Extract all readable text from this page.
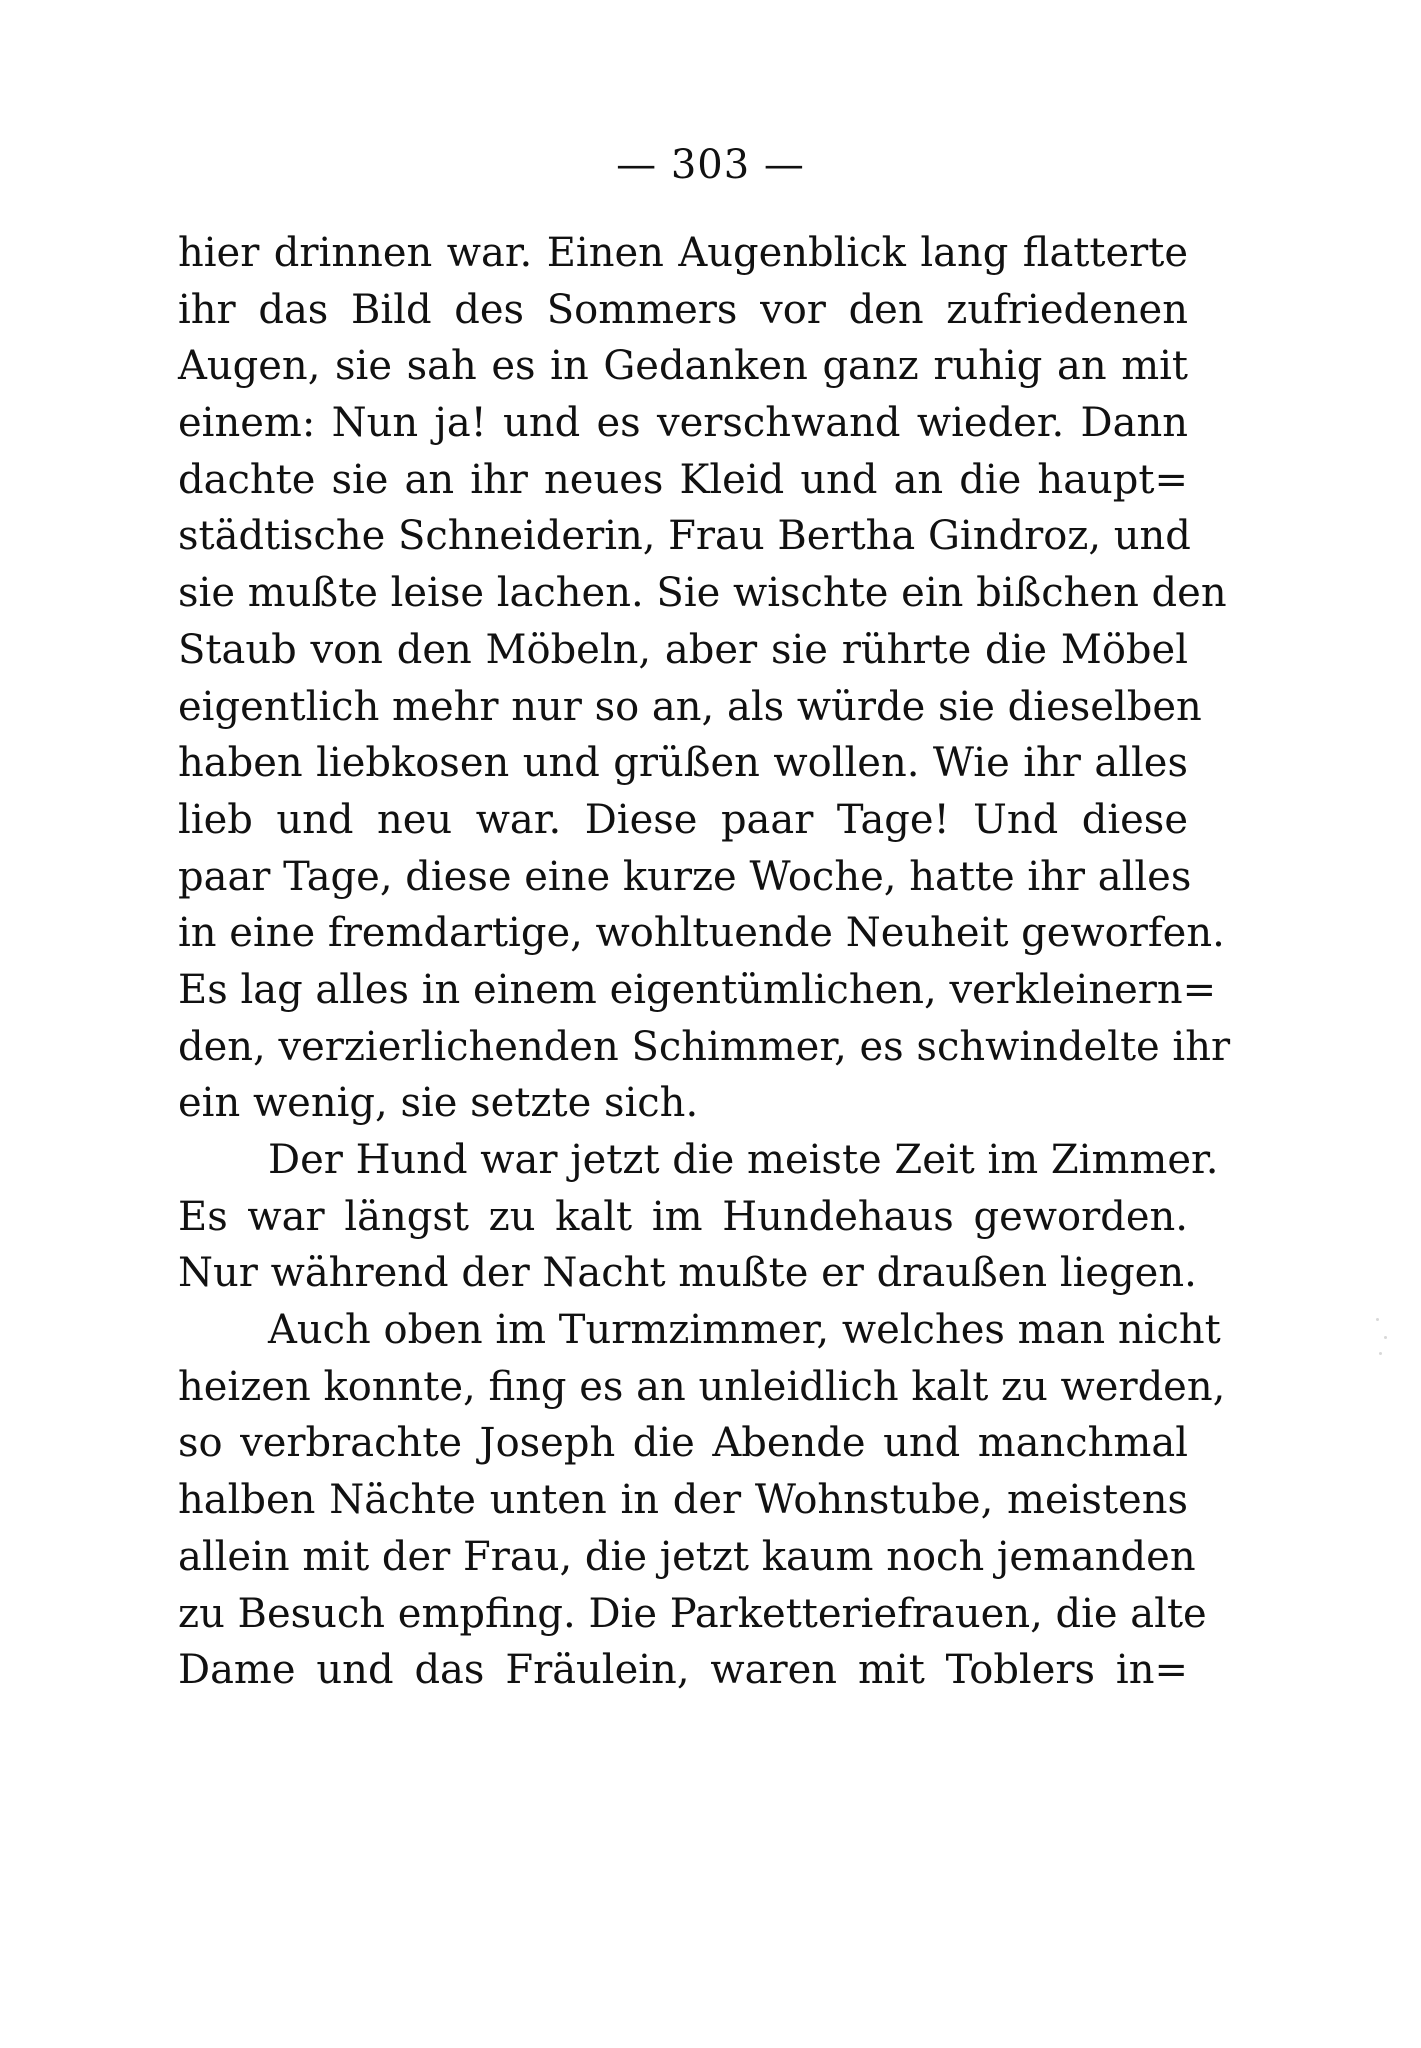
— 303 —
hier drinnen war. Einen Augenblick lang flatterte
ihr das Bild des Sommers vor den zufriedenen
Augen, sie sah es in Gedanken ganz ruhig an mit
einem: Nun ja! und es verschwand wieder. Dann
dachte sie an ihr neues Kleid und an die haupt=
städtische Schneiderin, Frau Bertha Gindroz, und
sie mußte leise lachen. Sie wischte ein bißchen den
Staub von den Möbeln, aber sie rührte die Möbel
eigentlich mehr nur so an, als würde sie dieselben
haben liebkosen und grüßen wollen. Wie ihr alles
lieb und neu war. Diese paar Tage! Und diese
paar Tage, diese eine kurze Woche, hatte ihr alles
in eine fremdartige, wohltuende Neuheit geworfen.
Es lag alles in einem eigentümlichen, verkleinern=
den, verzierlichenden Schimmer, es schwindelte ihr
ein wenig, sie setzte sich.
Der Hund war jetzt die meiste Zeit im Zimmer.
Es war längst zu kalt im Hundehaus geworden.
Nur während der Nacht mußte er draußen liegen.
Auch oben im Turmzimmer, welches man nicht
heizen konnte, fing es an unleidlich kalt zu werden,
so verbrachte Joseph die Abende und manchmal
halben Nächte unten in der Wohnstube, meistens
allein mit der Frau, die jetzt kaum noch jemanden
zu Besuch empfing. Die Parketteriefrauen, die alte
Dame und das Fräulein, waren mit Toblers in=
